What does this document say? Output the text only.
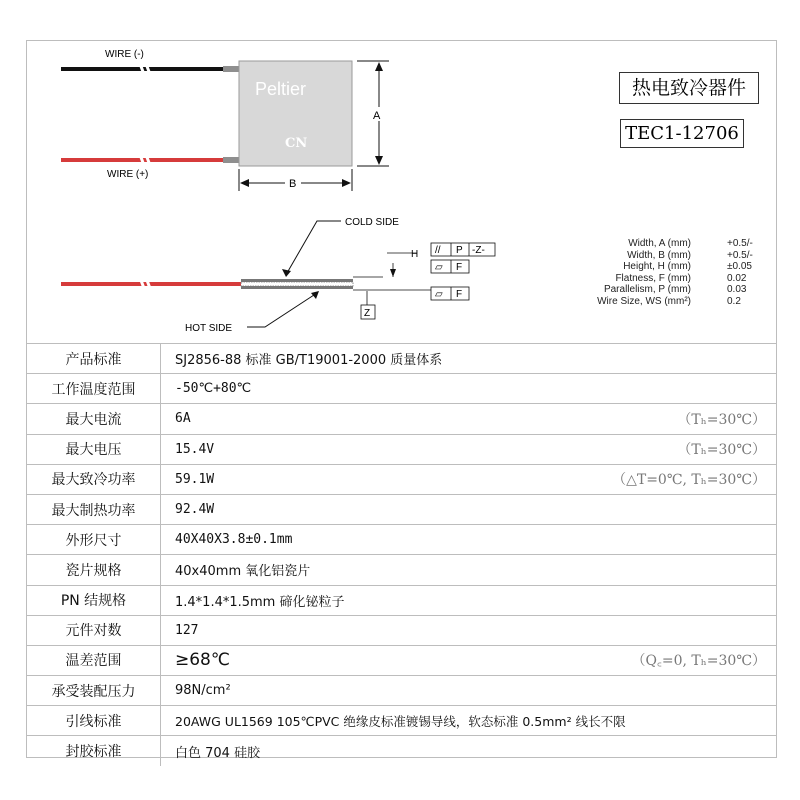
WIRE (-)
WIRE (+)
Peltier
CN
A
B
H
Z
// P -Z-
▱ F
▱ F
COLD SIDE
HOT SIDE
热电致冷器件
TEC1-12706
Width, A (mm)	+0.5/-
Width, B (mm)	+0.5/-
Height, H (mm)	±0.05
Flatness, F (mm)	0.02
Parallelism, P (mm)	0.03
Wire Size, WS (mm²)	0.2
产品标准	SJ2856-88 标准 GB/T19001-2000 质量体系
工作温度范围	-50℃+80℃
最大电流	6A （Tₕ=30℃）

最大电压	15.4V （Tₕ=30℃）

最大致冷功率	59.1W （△T=0℃, Tₕ=30℃）

最大制热功率	92.4W
外形尺寸	40X40X3.8±0.1mm
瓷片规格	40x40mm 氧化铝瓷片
PN 结规格	1.4*1.4*1.5mm 碲化铋粒子
元件对数	127
温差范围	≥68℃ （Q꜀=0, Tₕ=30℃）

承受装配压力	98N/cm²
引线标准	20AWG UL1569 105℃PVC 绝缘皮标准镀锡导线，软态标准 0.5mm² 线长不限
封胶标准	白色 704 硅胶
